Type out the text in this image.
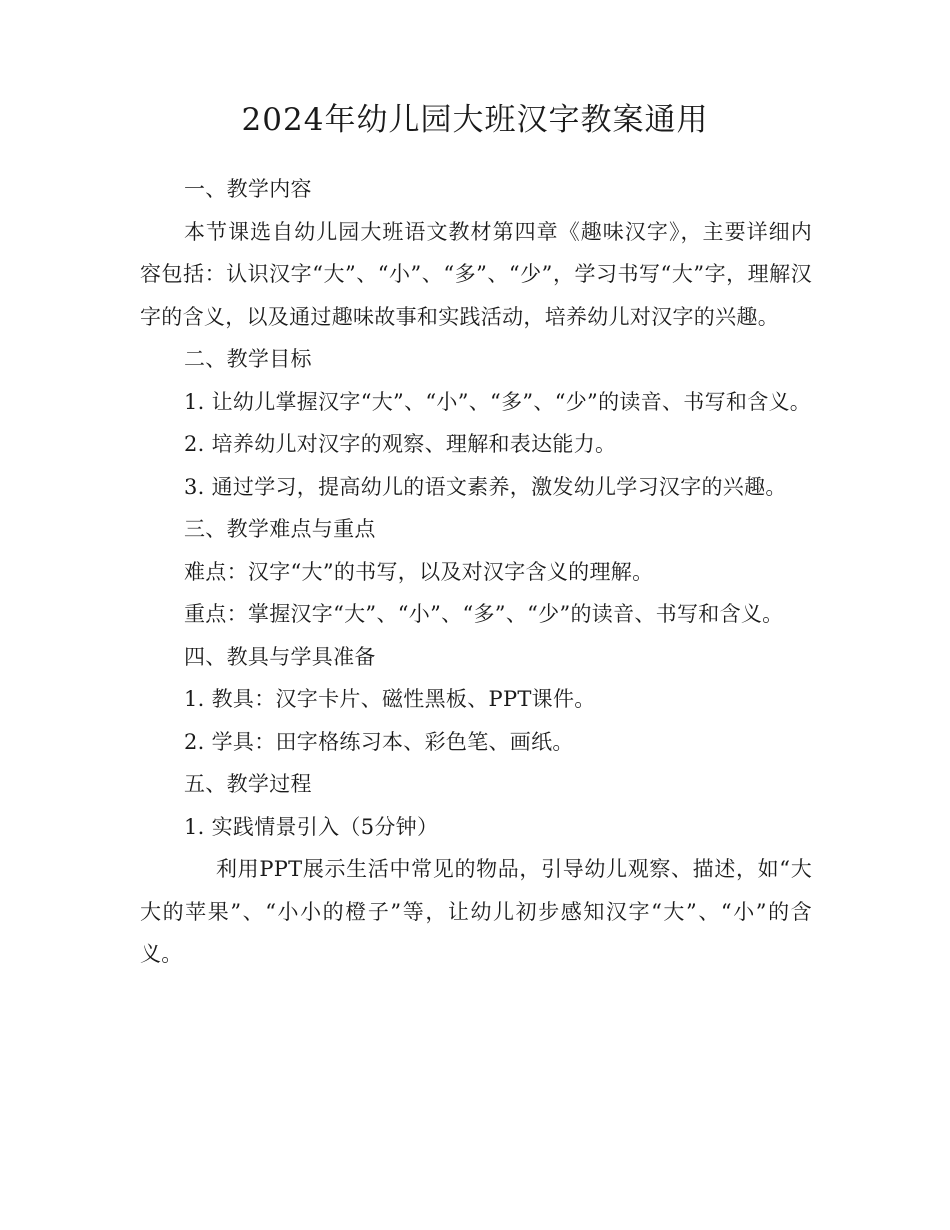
2024年幼儿园大班汉字教案通用

一、教学内容

本节课选自幼儿园大班语文教材第四章《趣味汉字》，主要详细内容包括：认识汉字“大”、“小”、“多”、“少”，学习书写“大”字，理解汉字的含义，以及通过趣味故事和实践活动，培养幼儿对汉字的兴趣。

二、教学目标

1. 让幼儿掌握汉字“大”、“小”、“多”、“少”的读音、书写和含义。

2. 培养幼儿对汉字的观察、理解和表达能力。

3. 通过学习，提高幼儿的语文素养，激发幼儿学习汉字的兴趣。

三、教学难点与重点

难点：汉字“大”的书写，以及对汉字含义的理解。

重点：掌握汉字“大”、“小”、“多”、“少”的读音、书写和含义。

四、教具与学具准备

1. 教具：汉字卡片、磁性黑板、PPT课件。

2. 学具：田字格练习本、彩色笔、画纸。

五、教学过程

1. 实践情景引入（5分钟）

利用PPT展示生活中常见的物品，引导幼儿观察、描述，如“大大的苹果”、“小小的橙子”等，让幼儿初步感知汉字“大”、“小”的含义。
